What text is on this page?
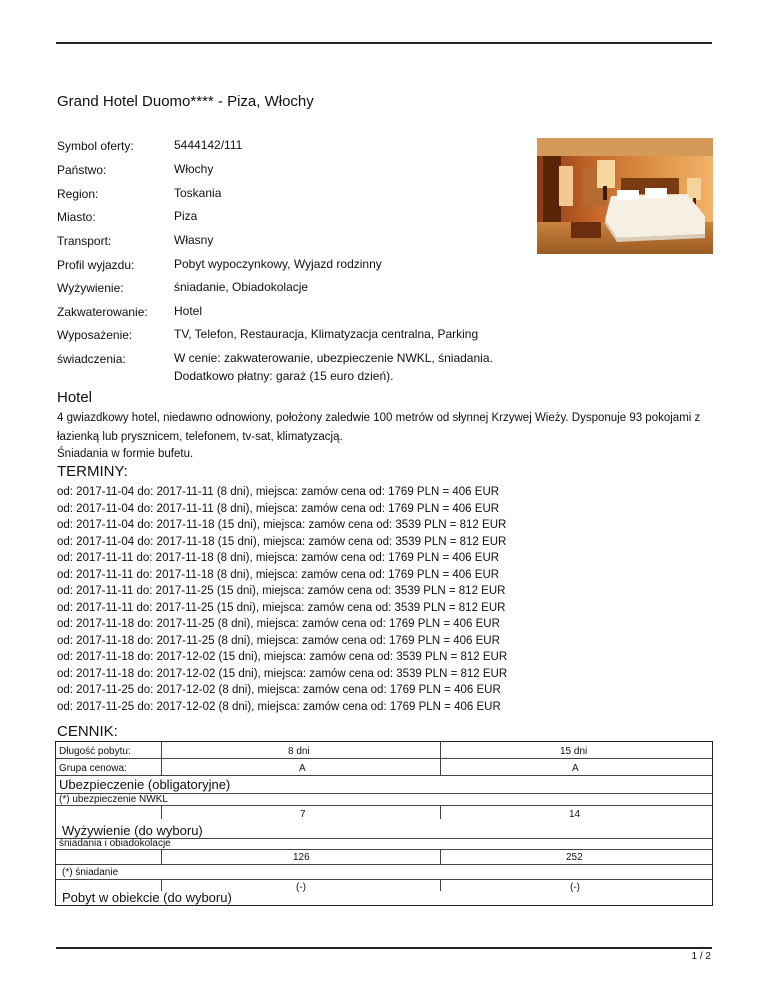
Grand Hotel Duomo**** - Piza, Włochy
Symbol oferty:	5444142/111
Państwo:	Włochy
Region:	Toskania
Miasto:	Piza
Transport:	Własny
Profil wyjazdu:	Pobyt wypoczynkowy, Wyjazd rodzinny
Wyżywienie:	śniadanie, Obiadokolacje
Zakwaterowanie: Hotel
Wyposażenie:	TV, Telefon, Restauracja, Klimatyzacja centralna, Parking
świadczenia:	W cenie: zakwaterowanie, ubezpieczenie NWKL, śniadania.
Dodatkowo płatny: garaż (15 euro dzień).
Hotel
4 gwiazdkowy hotel, niedawno odnowiony, położony zaledwie 100 metrów od słynnej Krzywej Wieży. Dysponuje 93 pokojami z
łazienką lub prysznicem, telefonem, tv-sat, klimatyzacją.
Śniadania w formie bufetu.
TERMINY:
od: 2017-11-04 do: 2017-11-11 (8 dni), miejsca: zamów cena od: 1769 PLN = 406 EUR
od: 2017-11-04 do: 2017-11-11 (8 dni), miejsca: zamów cena od: 1769 PLN = 406 EUR
od: 2017-11-04 do: 2017-11-18 (15 dni), miejsca: zamów cena od: 3539 PLN = 812 EUR
od: 2017-11-04 do: 2017-11-18 (15 dni), miejsca: zamów cena od: 3539 PLN = 812 EUR
od: 2017-11-11 do: 2017-11-18 (8 dni), miejsca: zamów cena od: 1769 PLN = 406 EUR
od: 2017-11-11 do: 2017-11-18 (8 dni), miejsca: zamów cena od: 1769 PLN = 406 EUR
od: 2017-11-11 do: 2017-11-25 (15 dni), miejsca: zamów cena od: 3539 PLN = 812 EUR
od: 2017-11-11 do: 2017-11-25 (15 dni), miejsca: zamów cena od: 3539 PLN = 812 EUR
od: 2017-11-18 do: 2017-11-25 (8 dni), miejsca: zamów cena od: 1769 PLN = 406 EUR
od: 2017-11-18 do: 2017-11-25 (8 dni), miejsca: zamów cena od: 1769 PLN = 406 EUR
od: 2017-11-18 do: 2017-12-02 (15 dni), miejsca: zamów cena od: 3539 PLN = 812 EUR
od: 2017-11-18 do: 2017-12-02 (15 dni), miejsca: zamów cena od: 3539 PLN = 812 EUR
od: 2017-11-25 do: 2017-12-02 (8 dni), miejsca: zamów cena od: 1769 PLN = 406 EUR
CENNIK:
Długość pobytu:	8 dni	15 dni
Grupa cenowa:	A	A
Ubezpieczenie (obligatoryjne)
(*) ubezpieczenie NWKL
7	14
Wyżywienie (do wyboru)
śniadania i obiadokolacje
126	252
(*) śniadanie
(-)	(-)
Pobyt w obiekcie (do wyboru)
od: 2017-11-25 do: 2017-12-02 (8 dni), miejsca: zamów cena od: 1769 PLN = 406 EUR
1 / 2
